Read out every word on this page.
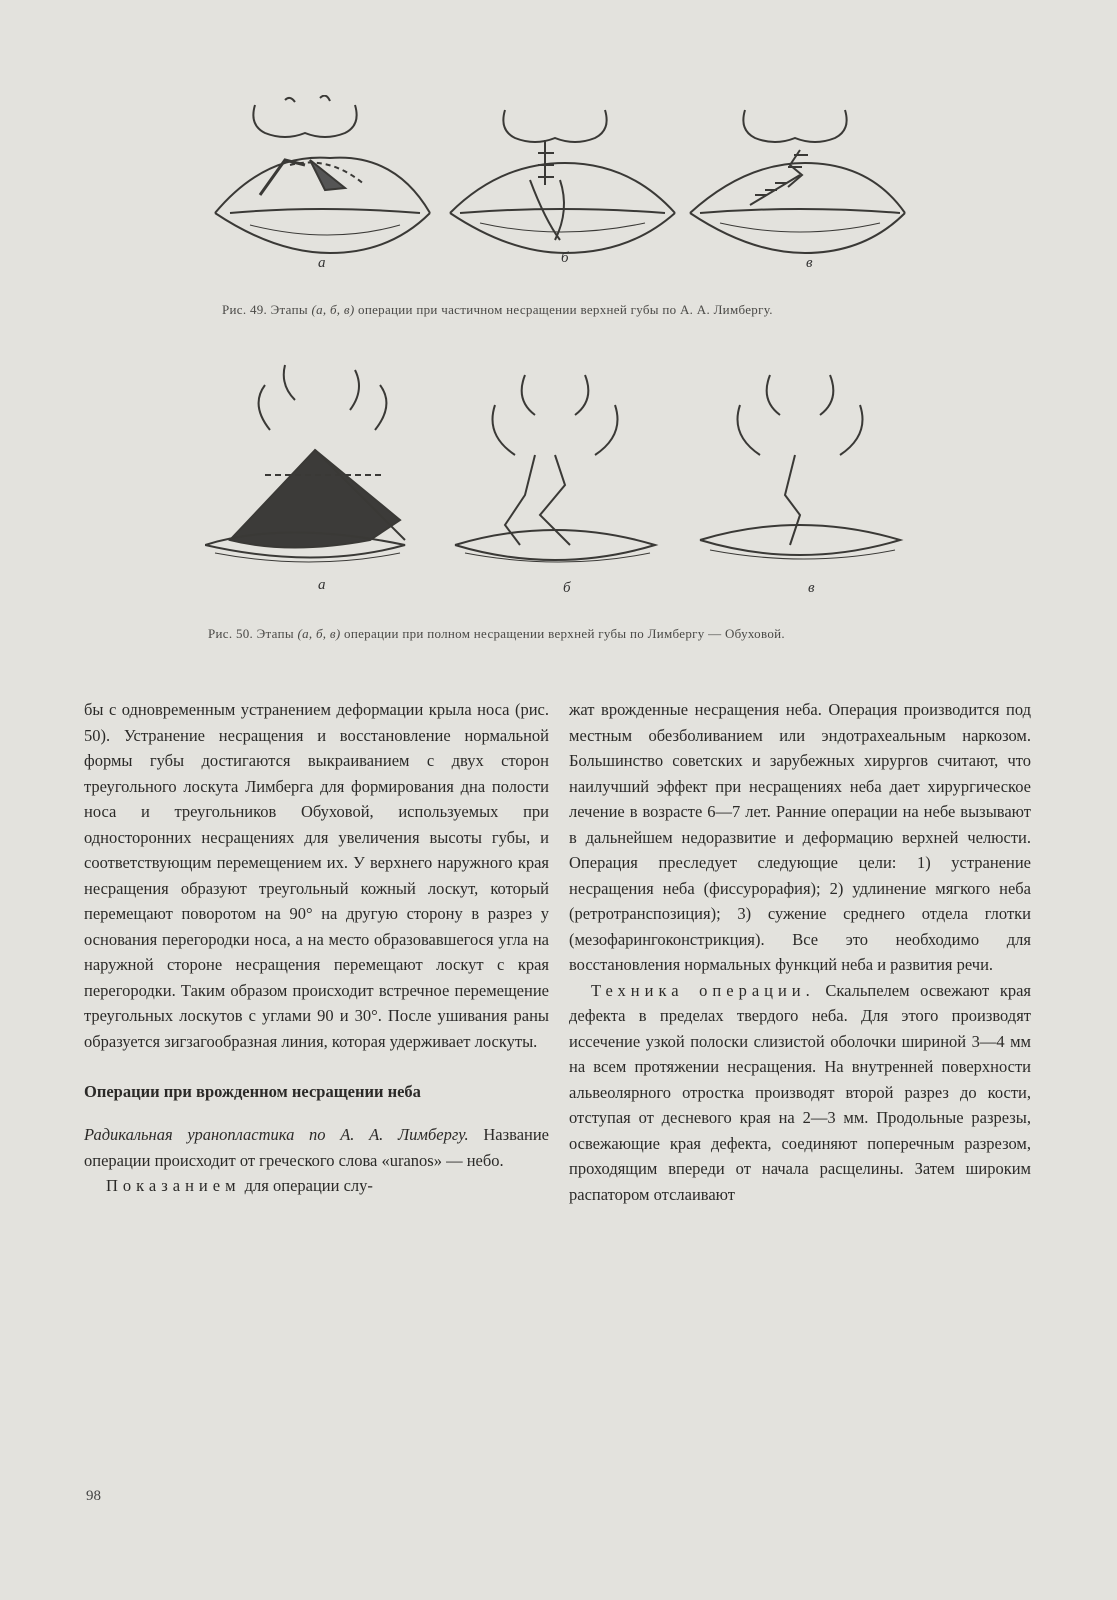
а	б	в
Рис. 49. Этапы (а, б, в) операции при частичном несращении верхней губы по А. А. Лимбергу.
а	б	в
Рис. 50. Этапы (а, б, в) операции при полном несращении верхней губы по Лимбергу — Обуховой.

бы с одновременным устранением деформации крыла носа (рис. 50). Устранение несращения и восстановление нормальной формы губы достигаются выкраиванием с двух сторон треугольного лоскута Лимберга для формирования дна полости носа и треугольников Обуховой, используемых при односторонних несращениях для увеличения высоты губы, и соответствующим перемещением их. У верхнего наружного края несращения образуют треугольный кожный лоскут, который перемещают поворотом на 90° на другую сторону в разрез у основания перегородки носа, а на место образовавшегося угла на наружной стороне несращения перемещают лоскут с края перегородки. Таким образом происходит встречное перемещение треугольных лоскутов с углами 90 и 30°. После ушивания раны образуется зигзагообразная линия, которая удерживает лоскуты.

Операции при врожденном несращении неба

Радикальная уранопластика по А. А. Лимбергу. Название операции происходит от греческого слова «uranos» — небо.

Показанием для операции слу-

жат врожденные несращения неба. Операция производится под местным обезболиванием или эндотрахеальным наркозом. Большинство советских и зарубежных хирургов считают, что наилучший эффект при несращениях неба дает хирургическое лечение в возрасте 6—7 лет. Ранние операции на небе вызывают в дальнейшем недоразвитие и деформацию верхней челюсти. Операция преследует следующие цели: 1) устранение несращения неба (фиссурорафия); 2) удлинение мягкого неба (ретротранспозиция); 3) сужение среднего отдела глотки (мезофарингоконстрикция). Все это необходимо для восстановления нормальных функций неба и развития речи.

Техника операции. Скальпелем освежают края дефекта в пределах твердого неба. Для этого производят иссечение узкой полоски слизистой оболочки шириной 3—4 мм на всем протяжении несращения. На внутренней поверхности альвеолярного отростка производят второй разрез до кости, отступая от десневого края на 2—3 мм. Продольные разрезы, освежающие края дефекта, соединяют поперечным разрезом, проходящим впереди от начала расщелины. Затем широким распатором отслаивают

98
